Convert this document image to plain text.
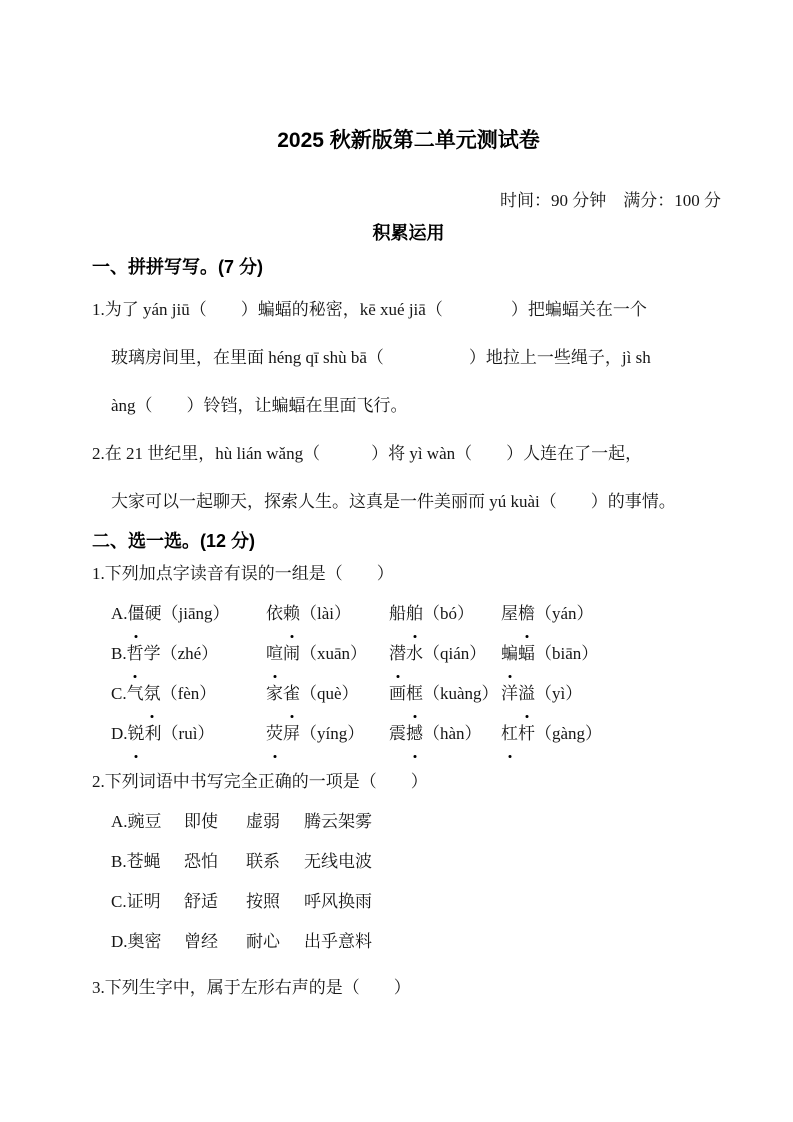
2025 秋新版第二单元测试卷
时间：90 分钟　满分：100 分
积累运用
一、拼拼写写。(7 分)
1.为了 yán jiū（　　）蝙蝠的秘密，kē xué jiā（　　　　）把蝙蝠关在一个
玻璃房间里，在里面 héng qī shù bā（　　　　　）地拉上一些绳子，jì sh
àng（　　）铃铛，让蝙蝠在里面飞行。
2.在 21 世纪里，hù lián wǎng（　　　）将 yì wàn（　　）人连在了一起，
大家可以一起聊天，探索人生。这真是一件美丽而 yú kuài（　　）的事情。
二、选一选。(12 分)
1.下列加点字读音有误的一组是（　　）
A.僵硬（jiāng）	依赖（lài）	船舶（bó）	屋檐（yán）
B.哲学（zhé）	喧闹（xuān）	潜水（qián） 蝙蝠（biān）
C.气氛（fèn）	家雀（què）	画框（kuàng） 洋溢（yì）
D.锐利（ruì）	荧屏（yíng）	震撼（hàn）	杠杆（gàng）
2.下列词语中书写完全正确的一项是（　　）
A.豌豆	即使	虚弱	腾云架雾
B.苍蝇	恐怕	联系	无线电波
C.证明	舒适	按照	呼风换雨
D.奥密	曾经	耐心	出乎意料
3.下列生字中，属于左形右声的是（　　）
